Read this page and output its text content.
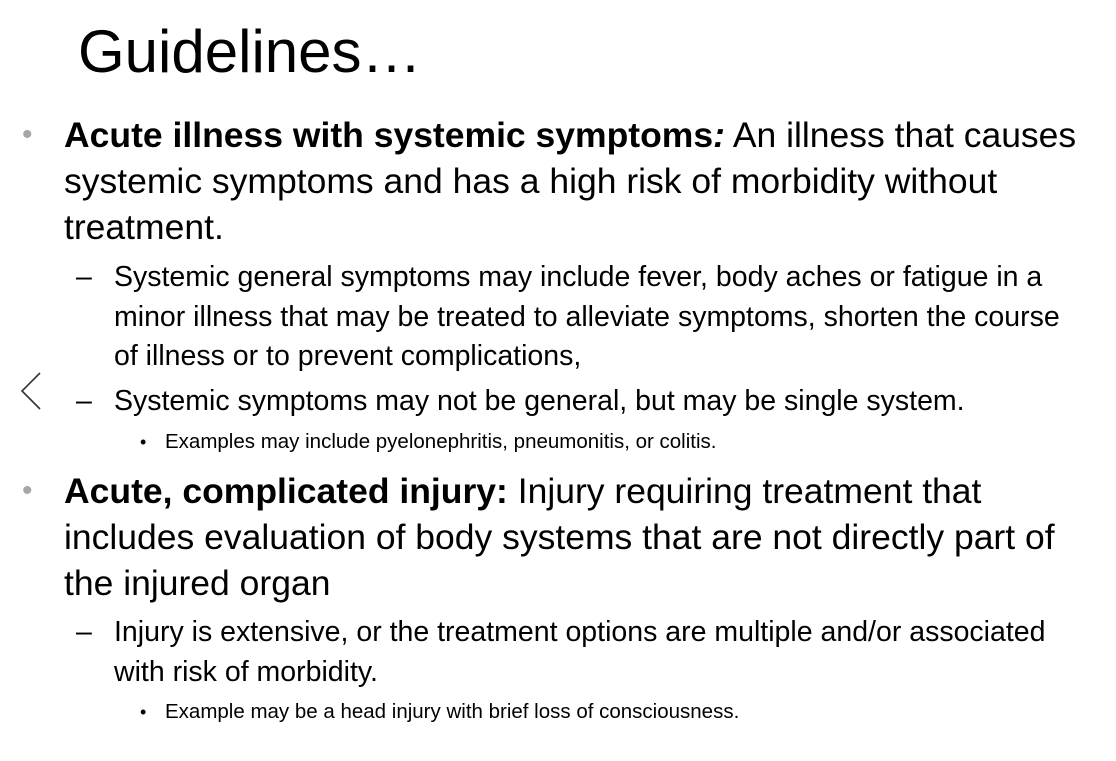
Guidelines…
• Acute illness with systemic symptoms: An illness that causes systemic symptoms and has a high risk of morbidity without treatment.
– Systemic general symptoms may include fever, body aches or fatigue in a minor illness that may be treated to alleviate symptoms, shorten the course of illness or to prevent complications,
– Systemic symptoms may not be general, but may be single system.
• Examples may include pyelonephritis, pneumonitis, or colitis.
• Acute, complicated injury: Injury requiring treatment that includes evaluation of body systems that are not directly part of the injured organ
– Injury is extensive, or the treatment options are multiple and/or associated with risk of morbidity.
• Example may be a head injury with brief loss of consciousness.
